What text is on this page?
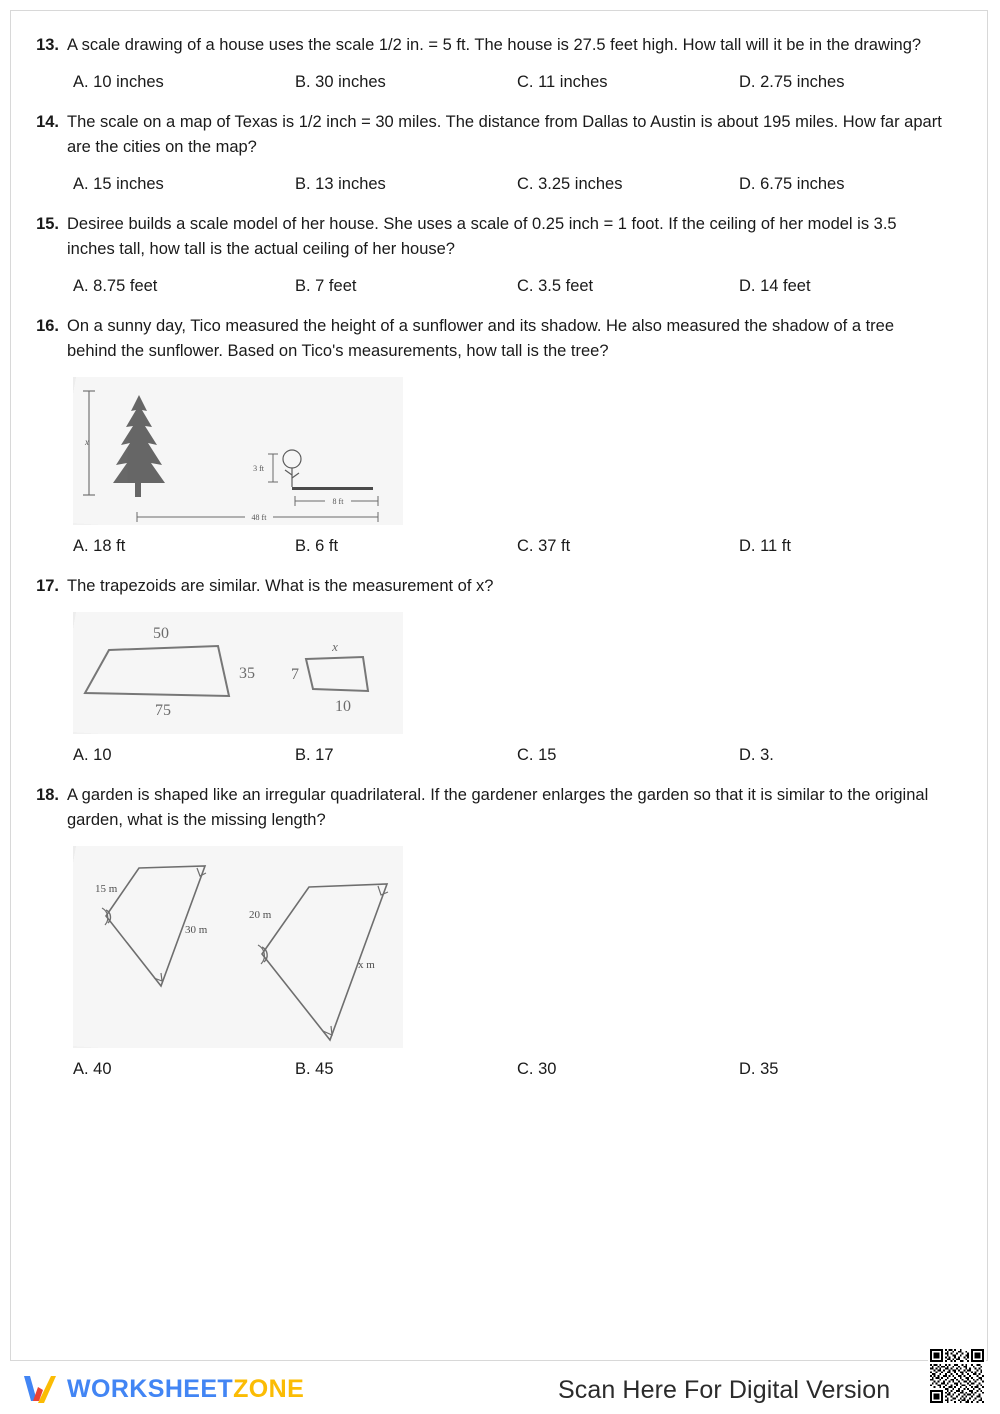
13. A scale drawing of a house uses the scale 1/2 in. = 5 ft. The house is 27.5 feet high. How tall will it be in the drawing?
A. 10 inches	B. 30 inches	C. 11 inches	D. 2.75 inches
14. The scale on a map of Texas is 1/2 inch = 30 miles. The distance from Dallas to Austin is about 195 miles. How far apart are the cities on the map?
A. 15 inches	B. 13 inches	C. 3.25 inches	D. 6.75 inches
15. Desiree builds a scale model of her house. She uses a scale of 0.25 inch = 1 foot. If the ceiling of her model is 3.5 inches tall, how tall is the actual ceiling of her house?
A. 8.75 feet	B. 7 feet	C. 3.5 feet	D. 14 feet
16. On a sunny day, Tico measured the height of a sunflower and its shadow. He also measured the shadow of a tree behind the sunflower. Based on Tico's measurements, how tall is the tree?
x
3 ft
8 ft
48 ft
A. 18 ft	B. 6 ft	C. 37 ft	D. 11 ft
17. The trapezoids are similar. What is the measurement of x?
50
35
75
x
7
10
A. 10	B. 17	C. 15	D. 3.
18. A garden is shaped like an irregular quadrilateral. If the gardener enlarges the garden so that it is similar to the original garden, what is the missing length?
15 m
30 m
20 m
x m
A. 40	B. 45	C. 30	D. 35
WORKSHEETZONE	Scan Here For Digital Version
